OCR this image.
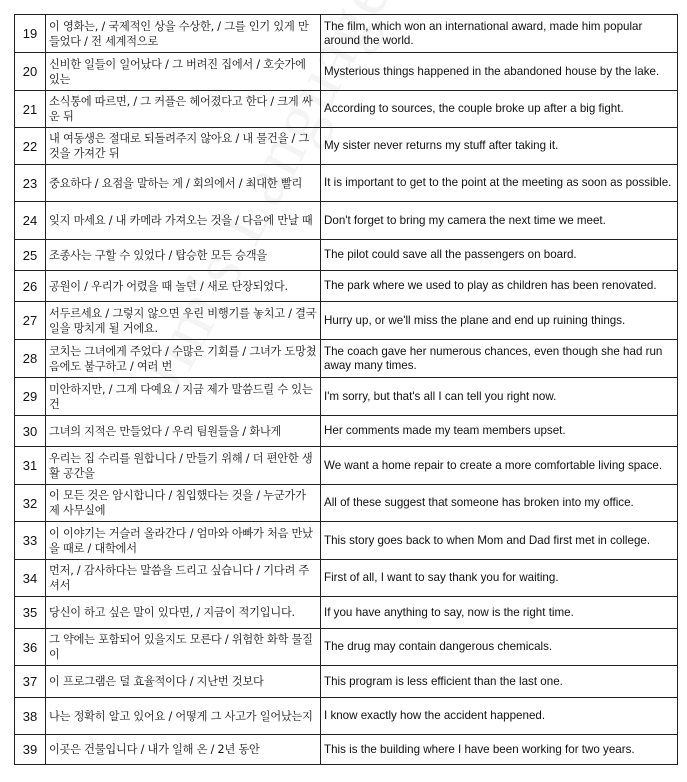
19	이 영화는, / 국제적인 상을 수상한, / 그를 인기 있게 만들었다 / 전 세계적으로	The film, which won an international award, made him popular around the world.
20	신비한 일들이 일어났다 / 그 버려진 집에서 / 호숫가에 있는	Mysterious things happened in the abandoned house by the lake.
21	소식통에 따르면, / 그 커플은 헤어졌다고 한다 / 크게 싸운 뒤	According to sources, the couple broke up after a big fight.
22	내 여동생은 절대로 되돌려주지 않아요 / 내 물건을 / 그것을 가져간 뒤	My sister never returns my stuff after taking it.
23	중요하다 / 요점을 말하는 게 / 회의에서 / 최대한 빨리	It is important to get to the point at the meeting as soon as possible.
24	잊지 마세요 / 내 카메라 가져오는 것을 / 다음에 만날 때	Don't forget to bring my camera the next time we meet.
25	조종사는 구할 수 있었다 / 탑승한 모든 승객을	The pilot could save all the passengers on board.
26	공원이 / 우리가 어렸을 때 놀던 / 새로 단장되었다.	The park where we used to play as children has been renovated.
27	서두르세요 / 그렇지 않으면 우린 비행기를 놓치고 / 결국 일을 망치게 될 거에요.	Hurry up, or we'll miss the plane and end up ruining things.
28	코치는 그녀에게 주었다 / 수많은 기회를 / 그녀가 도망쳤음에도 불구하고 / 여러 번	The coach gave her numerous chances, even though she had run away many times.
29	미안하지만, / 그게 다예요 / 지금 제가 말씀드릴 수 있는 건	I'm sorry, but that's all I can tell you right now.
30	그녀의 지적은 만들었다 / 우리 팀원들을 / 화나게	Her comments made my team members upset.
31	우리는 집 수리를 원합니다 / 만들기 위해 / 더 편안한 생활 공간을	We want a home repair to create a more comfortable living space.
32	이 모든 것은 암시합니다 / 침입했다는 것을 / 누군가가 제 사무실에	All of these suggest that someone has broken into my office.
33	이 이야기는 거슬러 올라간다 / 엄마와 아빠가 처음 만났을 때로 / 대학에서	This story goes back to when Mom and Dad first met in college.
34	먼저, / 감사하다는 말씀을 드리고 싶습니다 / 기다려 주셔서	First of all, I want to say thank you for waiting.
35	당신이 하고 싶은 말이 있다면, / 지금이 적기입니다.	If you have anything to say, now is the right time.
36	그 약에는 포함되어 있을지도 모른다 / 위험한 화학 물질이	The drug may contain dangerous chemicals.
37	이 프로그램은 덜 효율적이다 / 지난번 것보다	This program is less efficient than the last one.
38	나는 정확히 알고 있어요 / 어떻게 그 사고가 일어났는지	I know exactly how the accident happened.
39	이곳은 건물입니다 / 내가 일해 온 / 2년 동안	This is the building where I have been working for two years.
